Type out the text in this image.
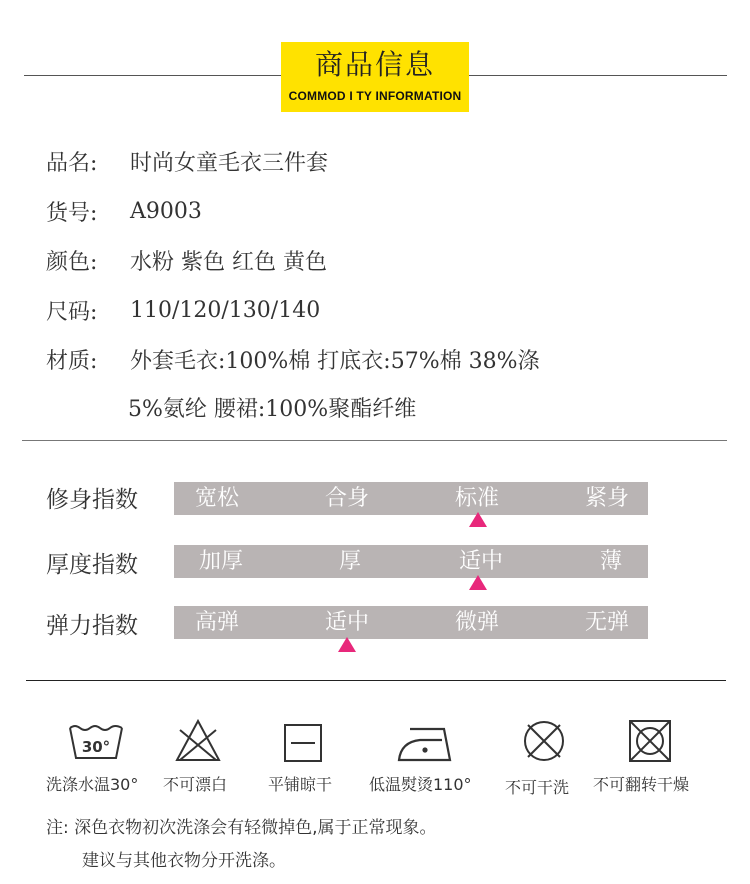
商品信息
COMMOD I TY INFORMATION
品名:	时尚女童毛衣三件套
货号:	A9003
颜色:	水粉 紫色 红色 黄色
尺码:	110/120/130/140
材质:	外套毛衣:100%棉 打底衣:57%棉 38%涤
5%氨纶 腰裙:100%聚酯纤维
修身指数	宽松	合身	标准	紧身
厚度指数	加厚	厚	适中	薄
弹力指数	高弹	适中	微弹	无弹
30°
洗涤水温30° 不可漂白	平铺晾干 低温熨烫110° 不可干洗 不可翻转干燥
注: 深色衣物初次洗涤会有轻微掉色,属于正常现象。
建议与其他衣物分开洗涤。
